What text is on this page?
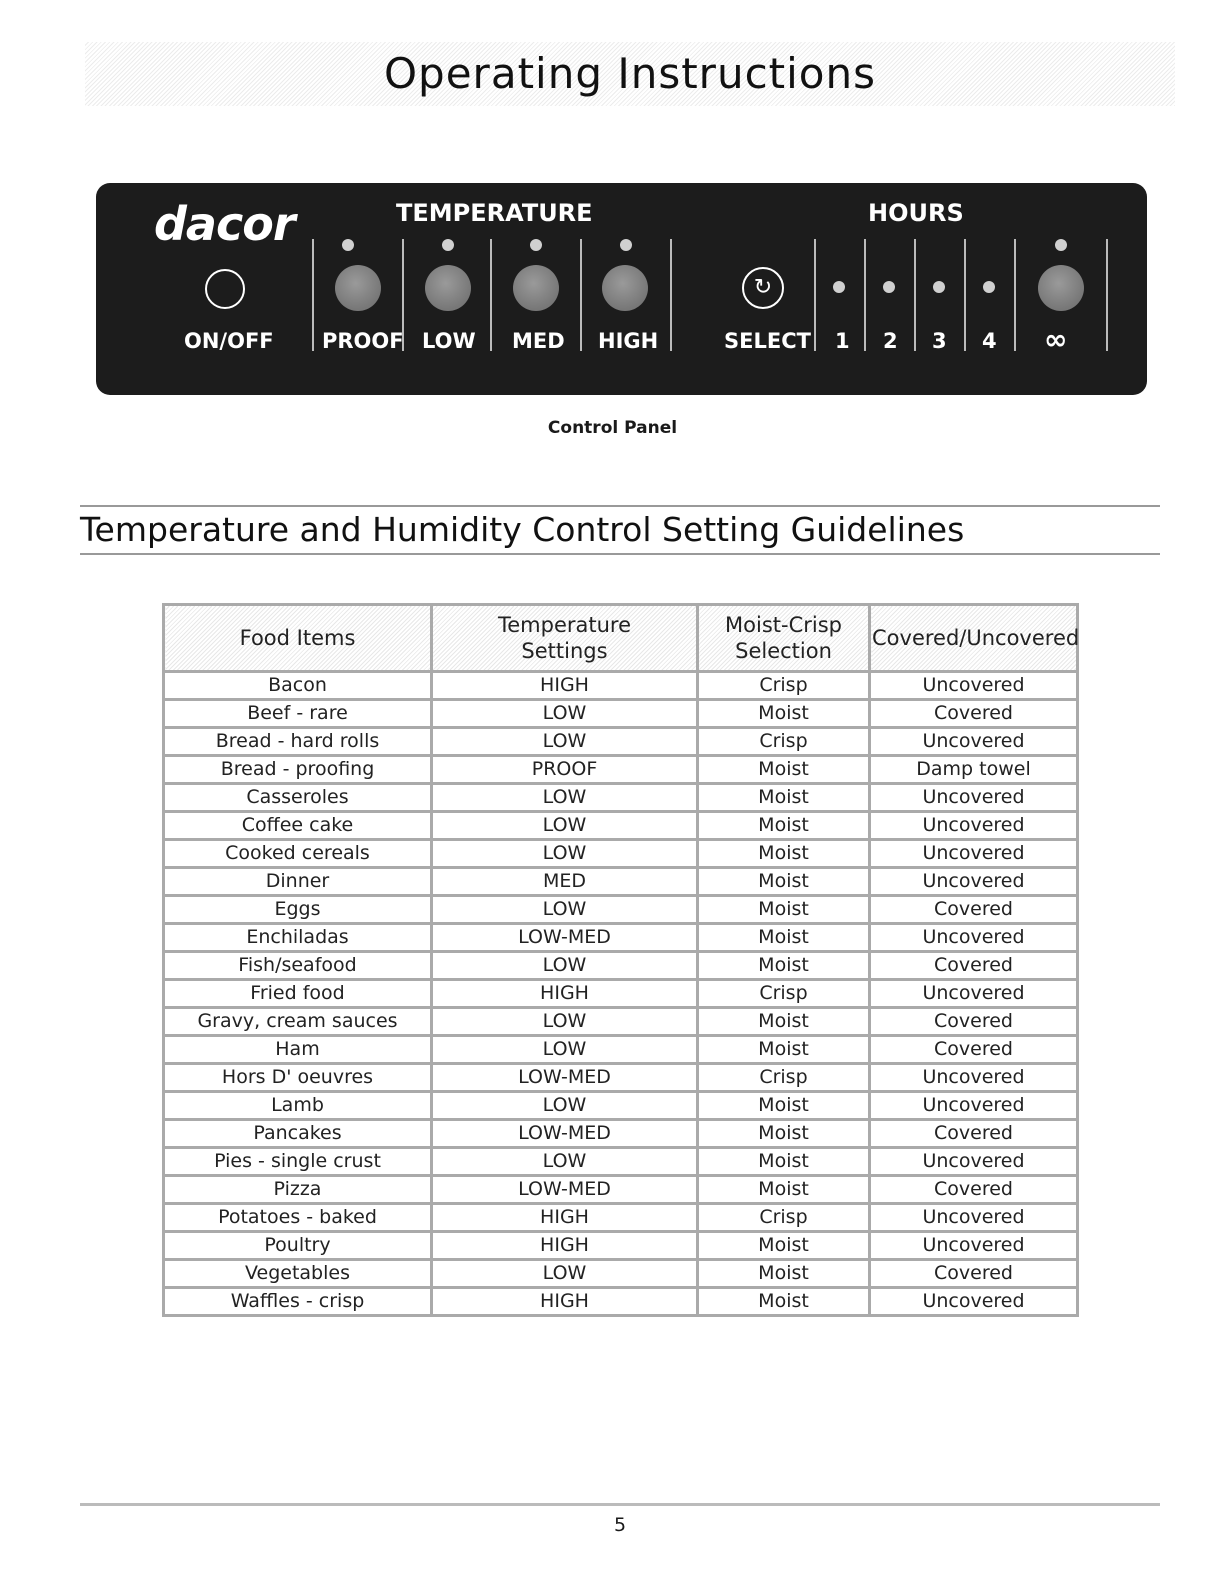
Operating Instructions
dacor	TEMPERATURE	HOURS
ON/OFF PROOF LOW MED HIGH
↻
SELECT 1 2 3 4 ∞
Control Panel
Temperature and Humidity Control Setting Guidelines
Food Items	Temperature Settings	Moist-Crisp Selection	Covered/Uncovered
Bacon	HIGH	Crisp	Uncovered
Beef - rare	LOW	Moist	Covered
Bread - hard rolls	LOW	Crisp	Uncovered
Bread - proofing	PROOF	Moist	Damp towel
Casseroles	LOW	Moist	Uncovered
Coffee cake	LOW	Moist	Uncovered
Cooked cereals	LOW	Moist	Uncovered
Dinner	MED	Moist	Uncovered
Eggs	LOW	Moist	Covered
Enchiladas	LOW-MED	Moist	Uncovered
Fish/seafood	LOW	Moist	Covered
Fried food	HIGH	Crisp	Uncovered
Gravy, cream sauces	LOW	Moist	Covered
Ham	LOW	Moist	Covered
Hors D' oeuvres	LOW-MED	Crisp	Uncovered
Lamb	LOW	Moist	Uncovered
Pancakes	LOW-MED	Moist	Covered
Pies - single crust	LOW	Moist	Uncovered
Pizza	LOW-MED	Moist	Covered
Potatoes - baked	HIGH	Crisp	Uncovered
Poultry	HIGH	Moist	Uncovered
Vegetables	LOW	Moist	Covered
Waffles - crisp	HIGH	Moist	Uncovered
5
